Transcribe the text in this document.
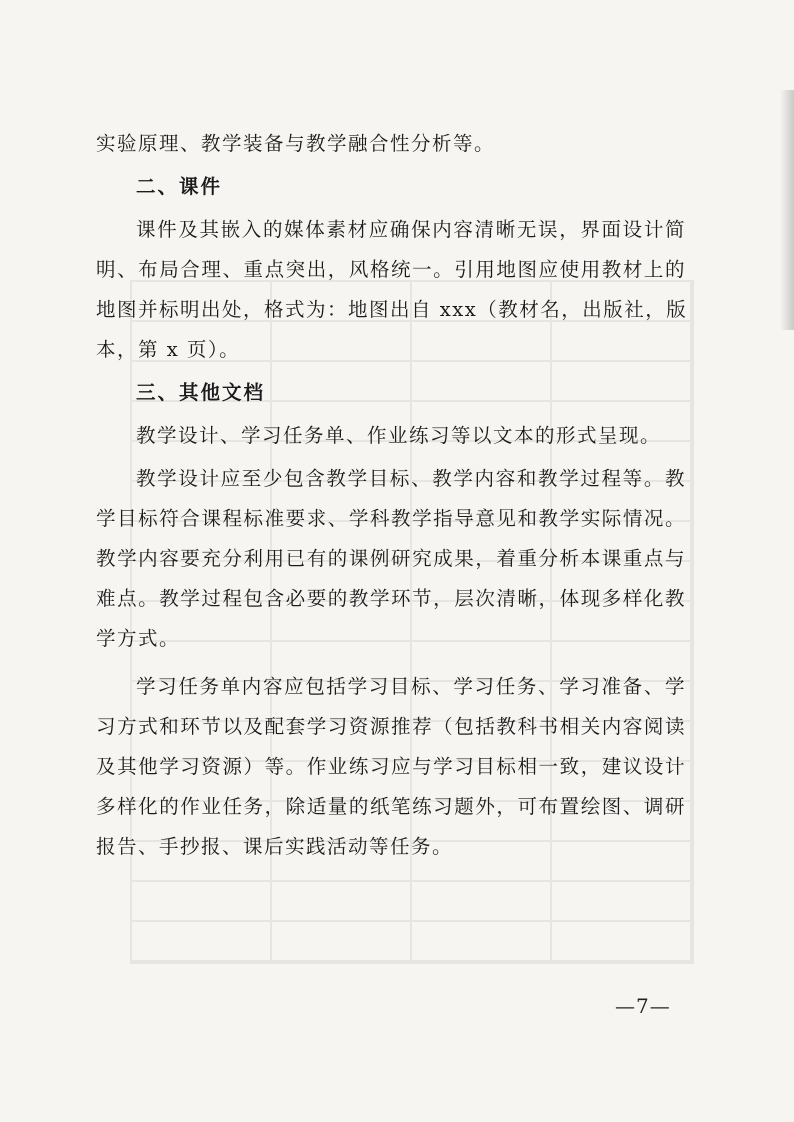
实验原理、教学装备与教学融合性分析等。
二、课件
课件及其嵌入的媒体素材应确保内容清晰无误，界面设计简
明、布局合理、重点突出，风格统一。引用地图应使用教材上的
地图并标明出处，格式为：地图出自 xxx（教材名，出版社，版
本，第 x 页）。
三、其他文档
教学设计、学习任务单、作业练习等以文本的形式呈现。
教学设计应至少包含教学目标、教学内容和教学过程等。教
学目标符合课程标准要求、学科教学指导意见和教学实际情况。
教学内容要充分利用已有的课例研究成果，着重分析本课重点与
难点。教学过程包含必要的教学环节，层次清晰，体现多样化教
学方式。
学习任务单内容应包括学习目标、学习任务、学习准备、学
习方式和环节以及配套学习资源推荐（包括教科书相关内容阅读
及其他学习资源）等。作业练习应与学习目标相一致，建议设计
多样化的作业任务，除适量的纸笔练习题外，可布置绘图、调研
报告、手抄报、课后实践活动等任务。
—7—
